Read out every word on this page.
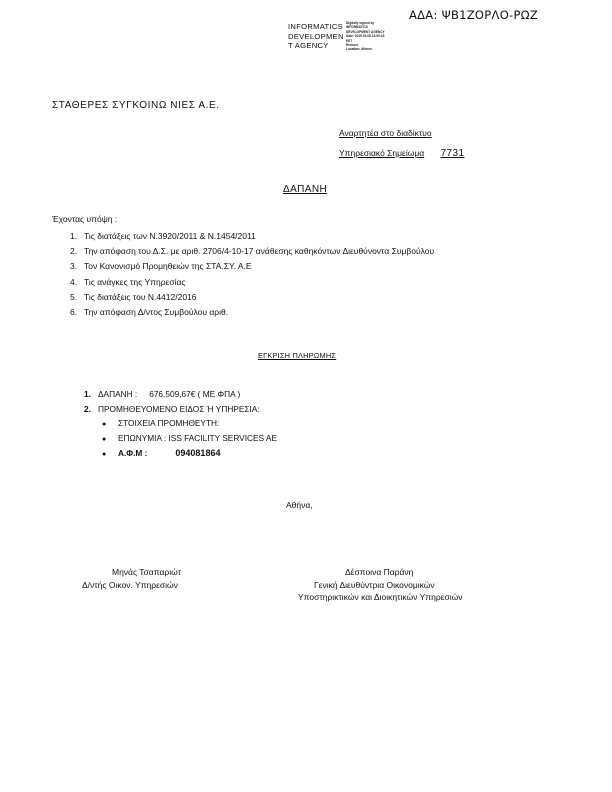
ΑΔΑ: ΨΒ1ΖΟΡΛΟ-ΡΩΖ
INFORMATICS
DEVELOPMEN
T AGENCY
Digitally signed by
INFORMATICS
DEVELOPMENT AGENCY
Date: 2019.01.08 13:09:15
EET
Reason:
Location: Athens
ΣΤΑΘΕΡΕΣ ΣΥΓΚΟΙΝΩ ΝΙΕΣ Α.Ε.
Αναρτητέα στο διαδίκτυο
Υπηρεσιακό Σημείωμα 7731
ΔΑΠΑΝΗ
Έχοντας υπόψη :
1. Τις διατάξεις των Ν.3920/2011 & Ν.1454/2011
2. Την απόφαση του Δ.Σ. με αριθ. 2706/4-10-17 ανάθεσης καθηκόντων Διευθύνοντα Συμβούλου
3. Τον Κανονισμό Προμηθειών της ΣΤΑ.ΣΥ. Α.Ε
4. Τις ανάγκες της Υπηρεσίας
5. Τις διατάξεις του Ν.4412/2016
6. Την απόφαση Δ/ντος Συμβούλου αριθ.
ΕΓΚΡΙΣΗ ΠΛΗΡΩΜΗΣ
1. ΔΑΠΑΝΗ : 676.509,67€ ( ΜΕ ΦΠΑ )
2. ΠΡΟΜΗΘΕΥΟΜΕΝΟ ΕΙΔΟΣ Ή ΥΠΗΡΕΣΙΑ:
● ΣΤΟΙΧΕΙΑ ΠΡΟΜΗΘΕΥΤΗ:
● ΕΠΩΝΥΜΙΑ : ISS FACILITY SERVICES AE
● Α.Φ.Μ :	094081864
Αθήνα,
Μηνάς Τσαπαριώτ
Δ/ντής Οικον. Υπηρεσιών
Δέσποινα Παράνη
Γενική Διευθύντρια Οικονομικών
Υποστηρικτικών και Διοικητικών Υπηρεσιών
